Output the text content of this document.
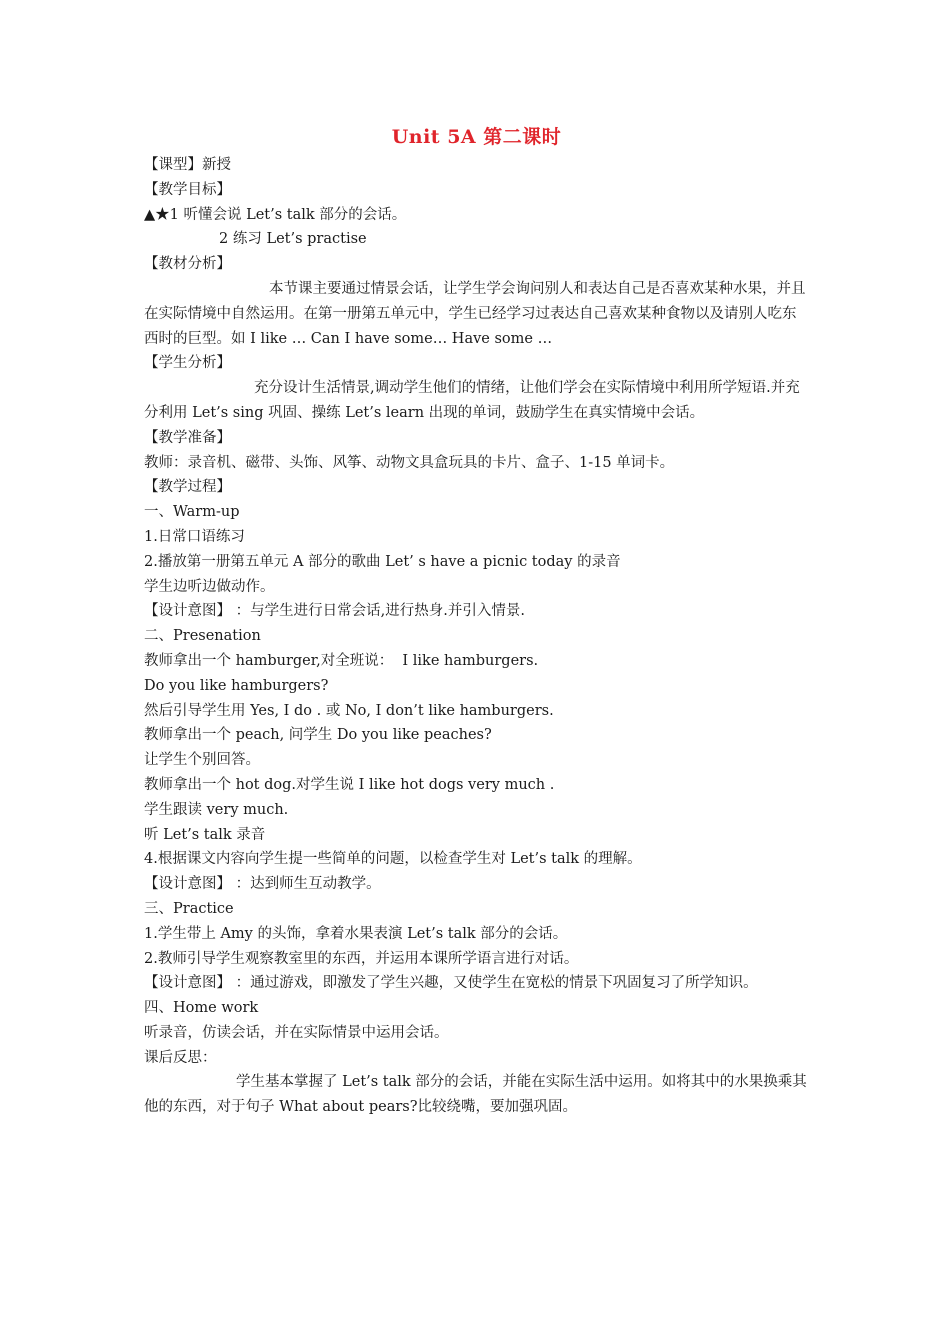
Unit 5A 第二课时
【课型】新授
【教学目标】
▲★1 听懂会说 Let’s talk 部分的会话。
2 练习 Let’s practise
【教材分析】
本节课主要通过情景会话，让学生学会询问别人和表达自己是否喜欢某种水果，并且在实际情境中自然运用。在第一册第五单元中，学生已经学习过表达自己喜欢某种食物以及请别人吃东西时的巨型。如 I like … Can I have some… Have some …
【学生分析】
充分设计生活情景,调动学生他们的情绪，让他们学会在实际情境中利用所学短语.并充分利用 Let’s sing 巩固、操练 Let’s learn 出现的单词，鼓励学生在真实情境中会话。
【教学准备】
教师：录音机、磁带、头饰、风筝、动物文具盒玩具的卡片、盒子、1-15 单词卡。
【教学过程】
一、Warm-up
1.日常口语练习
2.播放第一册第五单元 A 部分的歌曲 Let’ s have a picnic today 的录音
学生边听边做动作。
【设计意图】 ：与学生进行日常会话,进行热身.并引入情景.
二、Presenation
教师拿出一个 hamburger,对全班说：  I like hamburgers.
Do you like hamburgers?
然后引导学生用 Yes, I do . 或 No, I don’t like hamburgers.
教师拿出一个 peach, 问学生 Do you like peaches?
让学生个别回答。
教师拿出一个 hot dog.对学生说 I like hot dogs very much .
学生跟读 very much.
听 Let’s talk 录音
4.根据课文内容向学生提一些简单的问题，以检查学生对 Let’s talk 的理解。
【设计意图】 ：达到师生互动教学。
三、Practice
1.学生带上 Amy 的头饰，拿着水果表演 Let’s talk 部分的会话。
2.教师引导学生观察教室里的东西，并运用本课所学语言进行对话。
【设计意图】 ：通过游戏，即激发了学生兴趣，又使学生在宽松的情景下巩固复习了所学知识。
四、Home work
听录音，仿读会话，并在实际情景中运用会话。
课后反思：
学生基本掌握了 Let’s talk 部分的会话，并能在实际生活中运用。如将其中的水果换乘其他的东西，对于句子 What about pears?比较绕嘴，要加强巩固。
